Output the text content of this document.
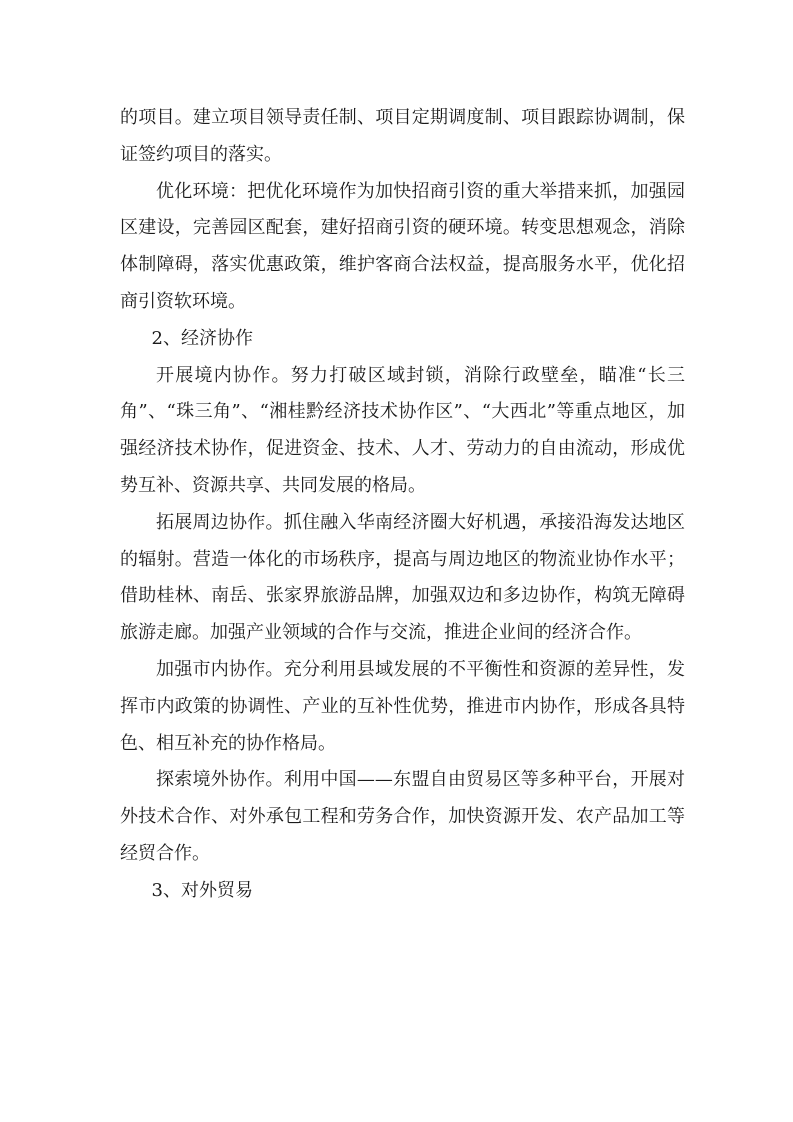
的项目。建立项目领导责任制、项目定期调度制、项目跟踪协调制，保证签约项目的落实。

优化环境：把优化环境作为加快招商引资的重大举措来抓，加强园区建设，完善园区配套，建好招商引资的硬环境。转变思想观念，消除体制障碍，落实优惠政策，维护客商合法权益，提高服务水平，优化招商引资软环境。

2、经济协作

开展境内协作。努力打破区域封锁，消除行政壁垒，瞄准“长三角”、“珠三角”、“湘桂黔经济技术协作区”、“大西北”等重点地区，加强经济技术协作，促进资金、技术、人才、劳动力的自由流动，形成优势互补、资源共享、共同发展的格局。

拓展周边协作。抓住融入华南经济圈大好机遇，承接沿海发达地区的辐射。营造一体化的市场秩序，提高与周边地区的物流业协作水平；借助桂林、南岳、张家界旅游品牌，加强双边和多边协作，构筑无障碍旅游走廊。加强产业领域的合作与交流，推进企业间的经济合作。

加强市内协作。充分利用县域发展的不平衡性和资源的差异性，发挥市内政策的协调性、产业的互补性优势，推进市内协作，形成各具特色、相互补充的协作格局。

探索境外协作。利用中国——东盟自由贸易区等多种平台，开展对外技术合作、对外承包工程和劳务合作，加快资源开发、农产品加工等经贸合作。

3、对外贸易
